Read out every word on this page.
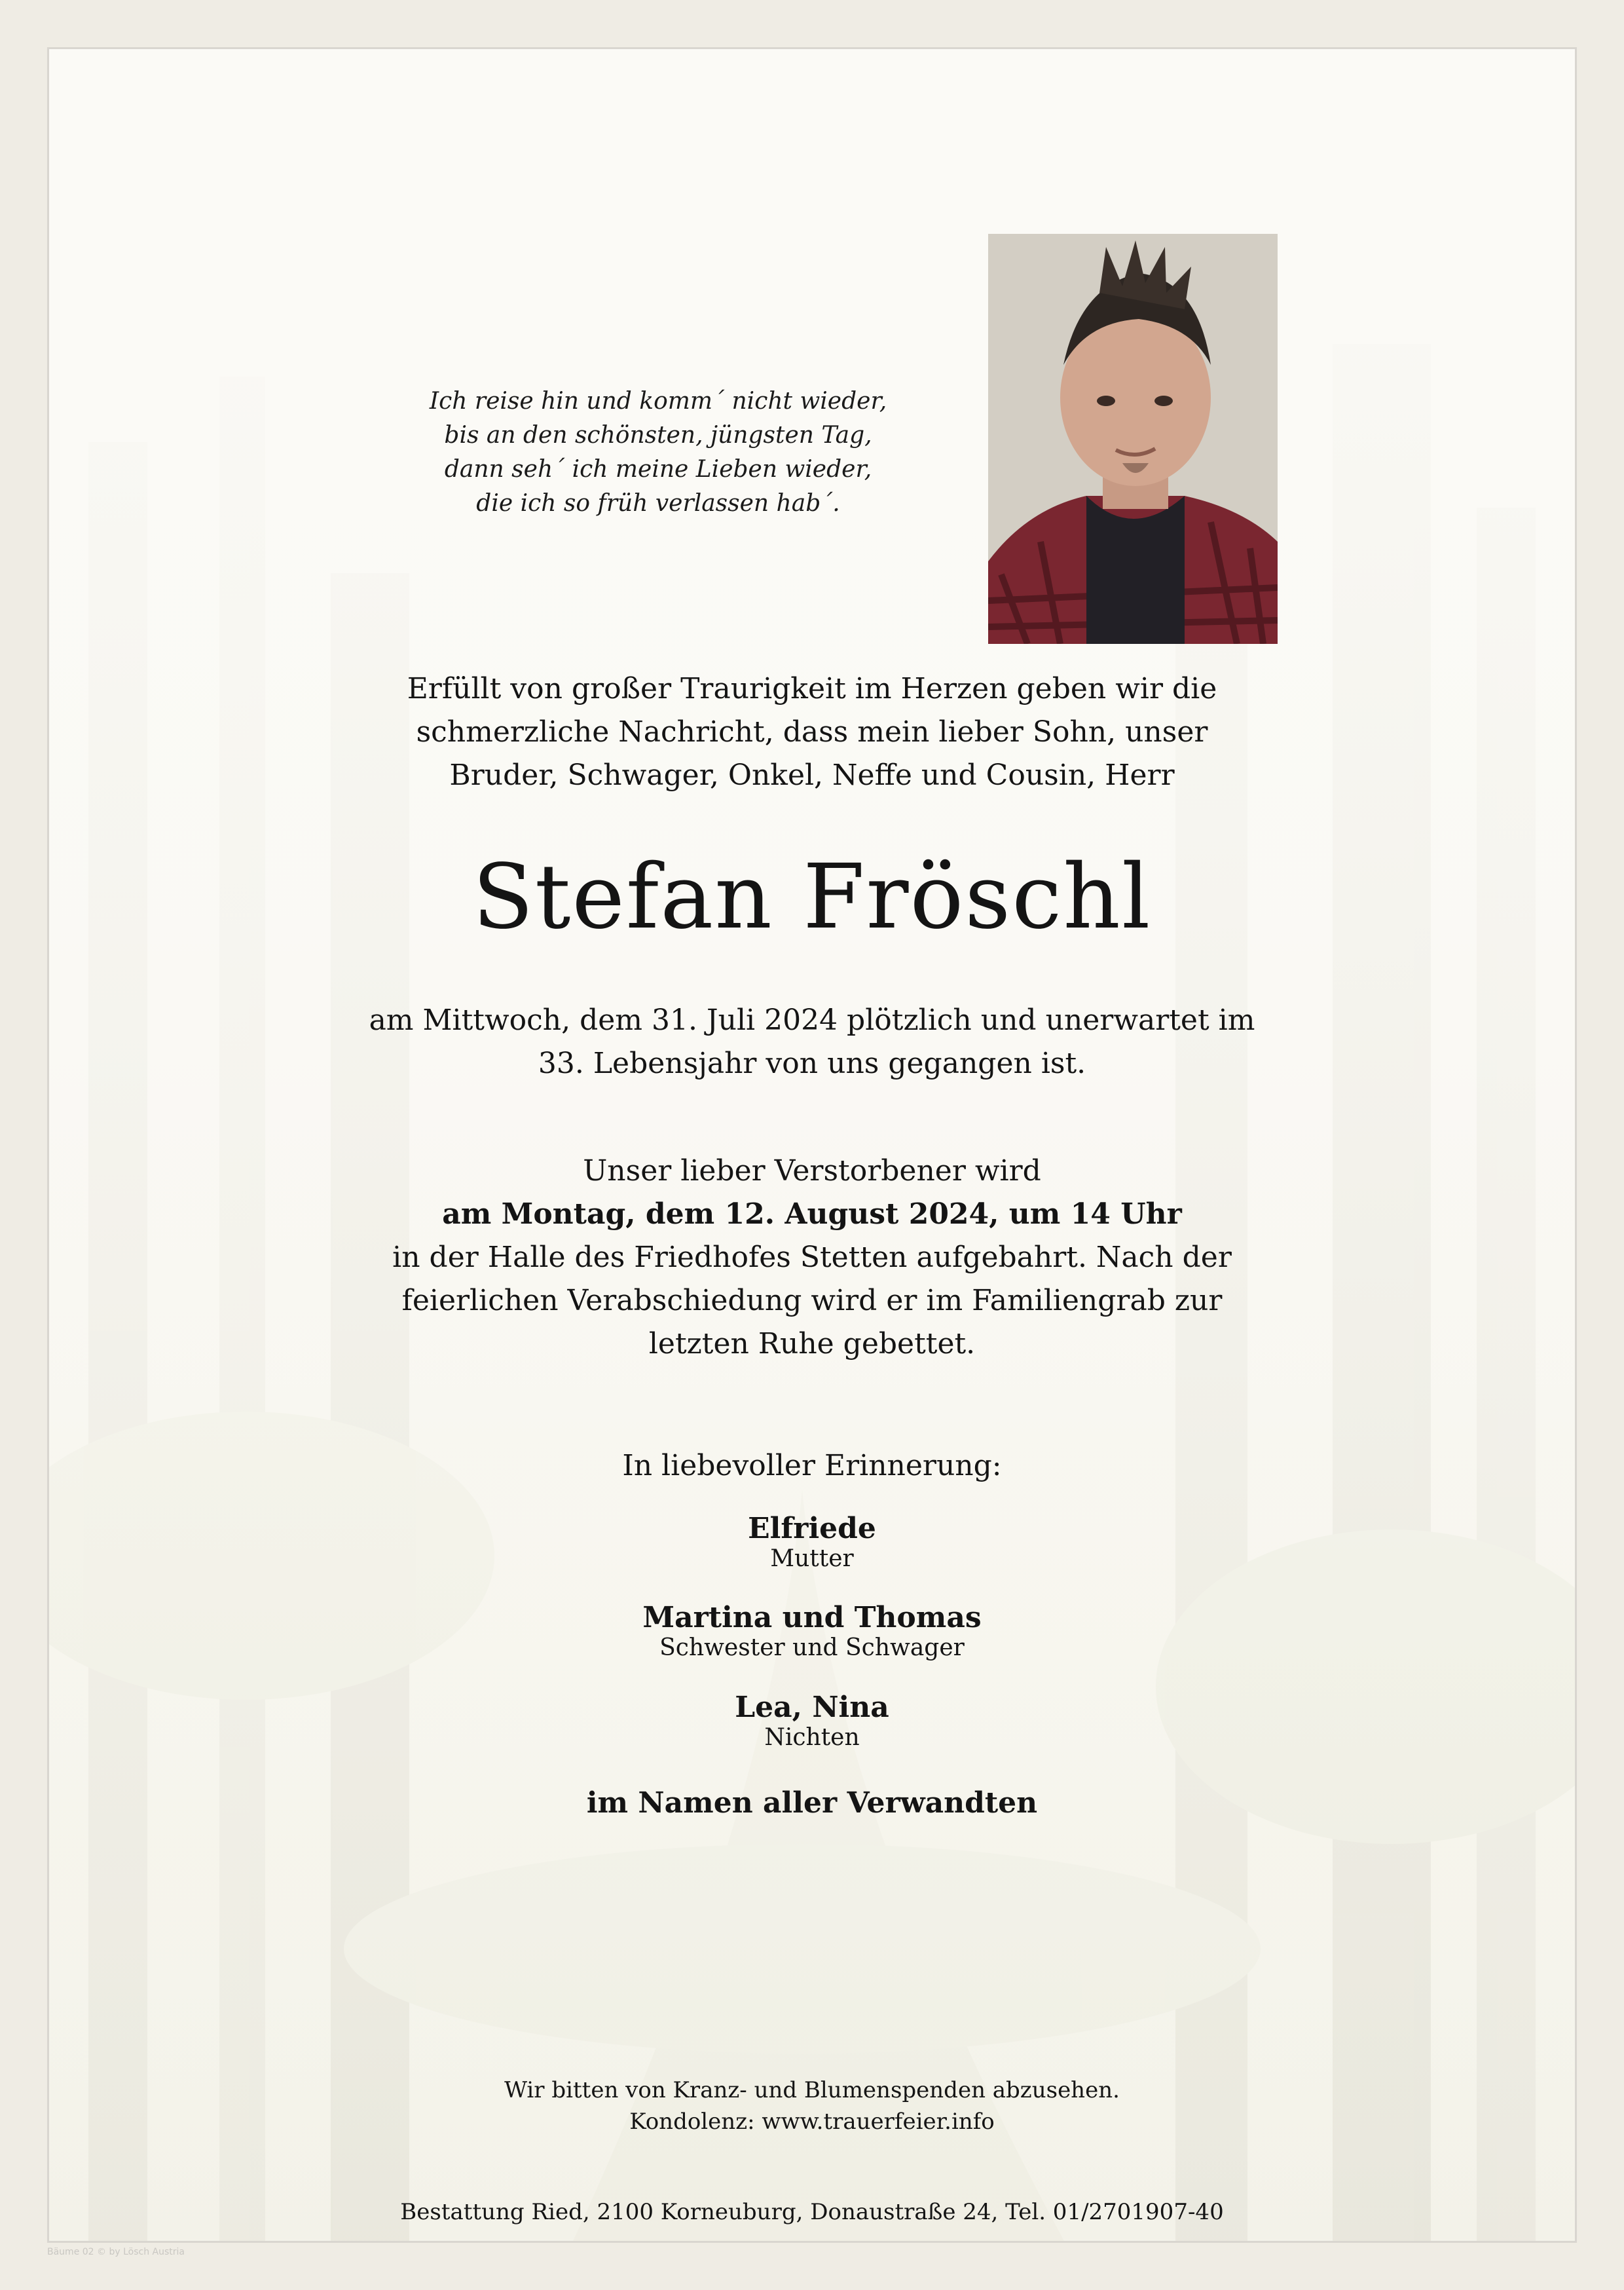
Ich reise hin und komm´ nicht wieder,
bis an den schönsten, jüngsten Tag,
dann seh´ ich meine Lieben wieder,
die ich so früh verlassen hab´.
Erfüllt von großer Traurigkeit im Herzen geben wir die
schmerzliche Nachricht, dass mein lieber Sohn, unser
Bruder, Schwager, Onkel, Neffe und Cousin, Herr
Stefan Fröschl
am Mittwoch, dem 31. Juli 2024 plötzlich und unerwartet im
33. Lebensjahr von uns gegangen ist.
Unser lieber Verstorbener wird
am Montag, dem 12. August 2024, um 14 Uhr
in der Halle des Friedhofes Stetten aufgebahrt. Nach der
feierlichen Verabschiedung wird er im Familiengrab zur
letzten Ruhe gebettet.
In liebevoller Erinnerung:
Elfriede
Mutter
Martina und Thomas
Schwester und Schwager
Lea, Nina
Nichten
im Namen aller Verwandten
Wir bitten von Kranz- und Blumenspenden abzusehen.
Kondolenz: www.trauerfeier.info
Bestattung Ried, 2100 Korneuburg, Donaustraße 24, Tel. 01/2701907-40
Bäume 02 © by Lösch Austria
